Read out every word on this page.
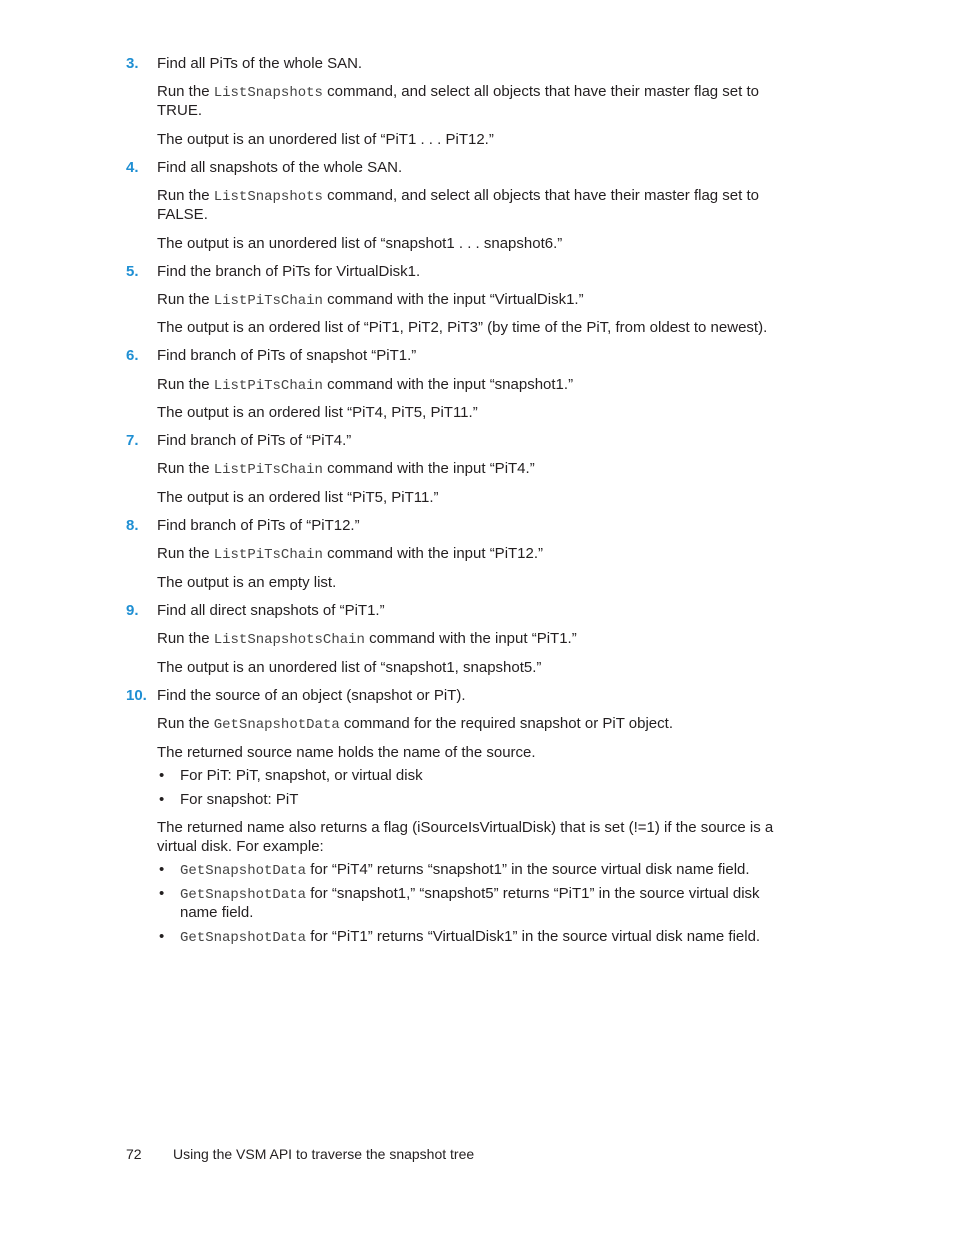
3. Find all PiTs of the whole SAN.
Run the ListSnapshots command, and select all objects that have their master flag set to
TRUE.
The output is an unordered list of “PiT1 . . . PiT12.”
4. Find all snapshots of the whole SAN.
Run the ListSnapshots command, and select all objects that have their master flag set to
FALSE.
The output is an unordered list of “snapshot1 . . . snapshot6.”
5. Find the branch of PiTs for VirtualDisk1.
Run the ListPiTsChain command with the input “VirtualDisk1.”
The output is an ordered list of “PiT1, PiT2, PiT3” (by time of the PiT, from oldest to newest).
6. Find branch of PiTs of snapshot “PiT1.”
Run the ListPiTsChain command with the input “snapshot1.”
The output is an ordered list “PiT4, PiT5, PiT11.”
7. Find branch of PiTs of “PiT4.”
Run the ListPiTsChain command with the input “PiT4.”
The output is an ordered list “PiT5, PiT11.”
8. Find branch of PiTs of “PiT12.”
Run the ListPiTsChain command with the input “PiT12.”
The output is an empty list.
9. Find all direct snapshots of “PiT1.”
Run the ListSnapshotsChain command with the input “PiT1.”
The output is an unordered list of “snapshot1, snapshot5.”
10. Find the source of an object (snapshot or PiT).
Run the GetSnapshotData command for the required snapshot or PiT object.
The returned source name holds the name of the source.
• For PiT: PiT, snapshot, or virtual disk
• For snapshot: PiT
The returned name also returns a flag (iSourceIsVirtualDisk) that is set (!=1) if the source is a
virtual disk. For example:
• GetSnapshotData for “PiT4” returns “snapshot1” in the source virtual disk name field.
• GetSnapshotData for “snapshot1,” “snapshot5” returns “PiT1” in the source virtual disk
name field.
• GetSnapshotData for “PiT1” returns “VirtualDisk1” in the source virtual disk name field.
72 Using the VSM API to traverse the snapshot tree
